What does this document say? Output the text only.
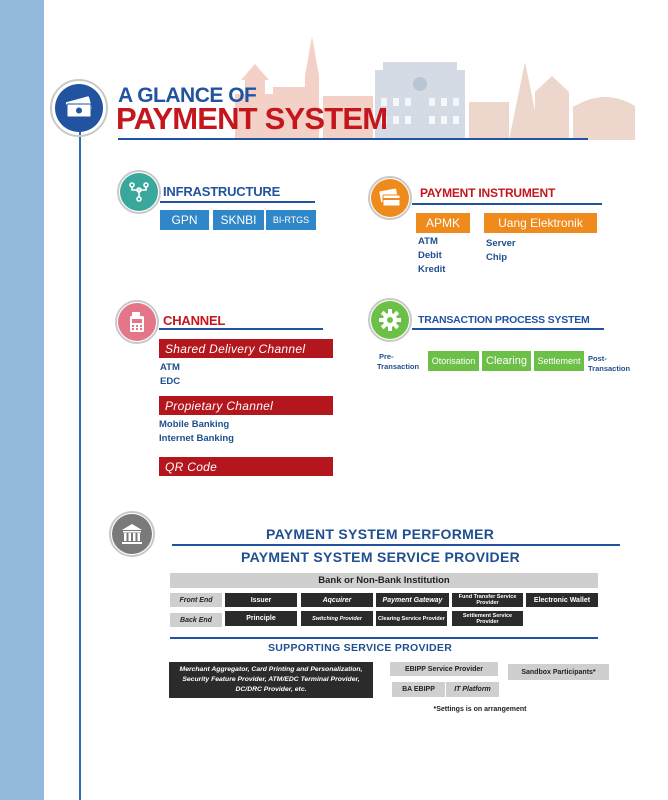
A GLANCE OF
PAYMENT SYSTEM
INFRASTRUCTURE
GPN	SKNBI	BI-RTGS
PAYMENT INSTRUMENT
APMK	Uang Elektronik
ATM
Debit
Kredit
Server
Chip
CHANNEL
Shared Delivery Channel
ATM
EDC
Propietary Channel
Mobile Banking
Internet Banking
QR Code
TRANSACTION PROCESS SYSTEM
Pre-
Transaction
Otorisation Clearing	Settlement Post-
Transaction
PAYMENT SYSTEM PERFORMER
PAYMENT SYSTEM SERVICE PROVIDER
Bank or Non-Bank Institution
Front End	Issuer	Aqcuirer	Payment Gateway	Fund Transfer Service Provider	Electronic Wallet
Back End	Principle	Switching Provider	Clearing Service Provider	Settlement Service Provider
SUPPORTING SERVICE PROVIDER
Merchant Aggregator, Card Printing and Personalization, Security Feature Provider, ATM/EDC Terminal Provider, DC/DRC Provider, etc.
EBIPP Service Provider	Sandbox Participants*
BA EBIPP	IT Platform
*Settings is on arrangement
